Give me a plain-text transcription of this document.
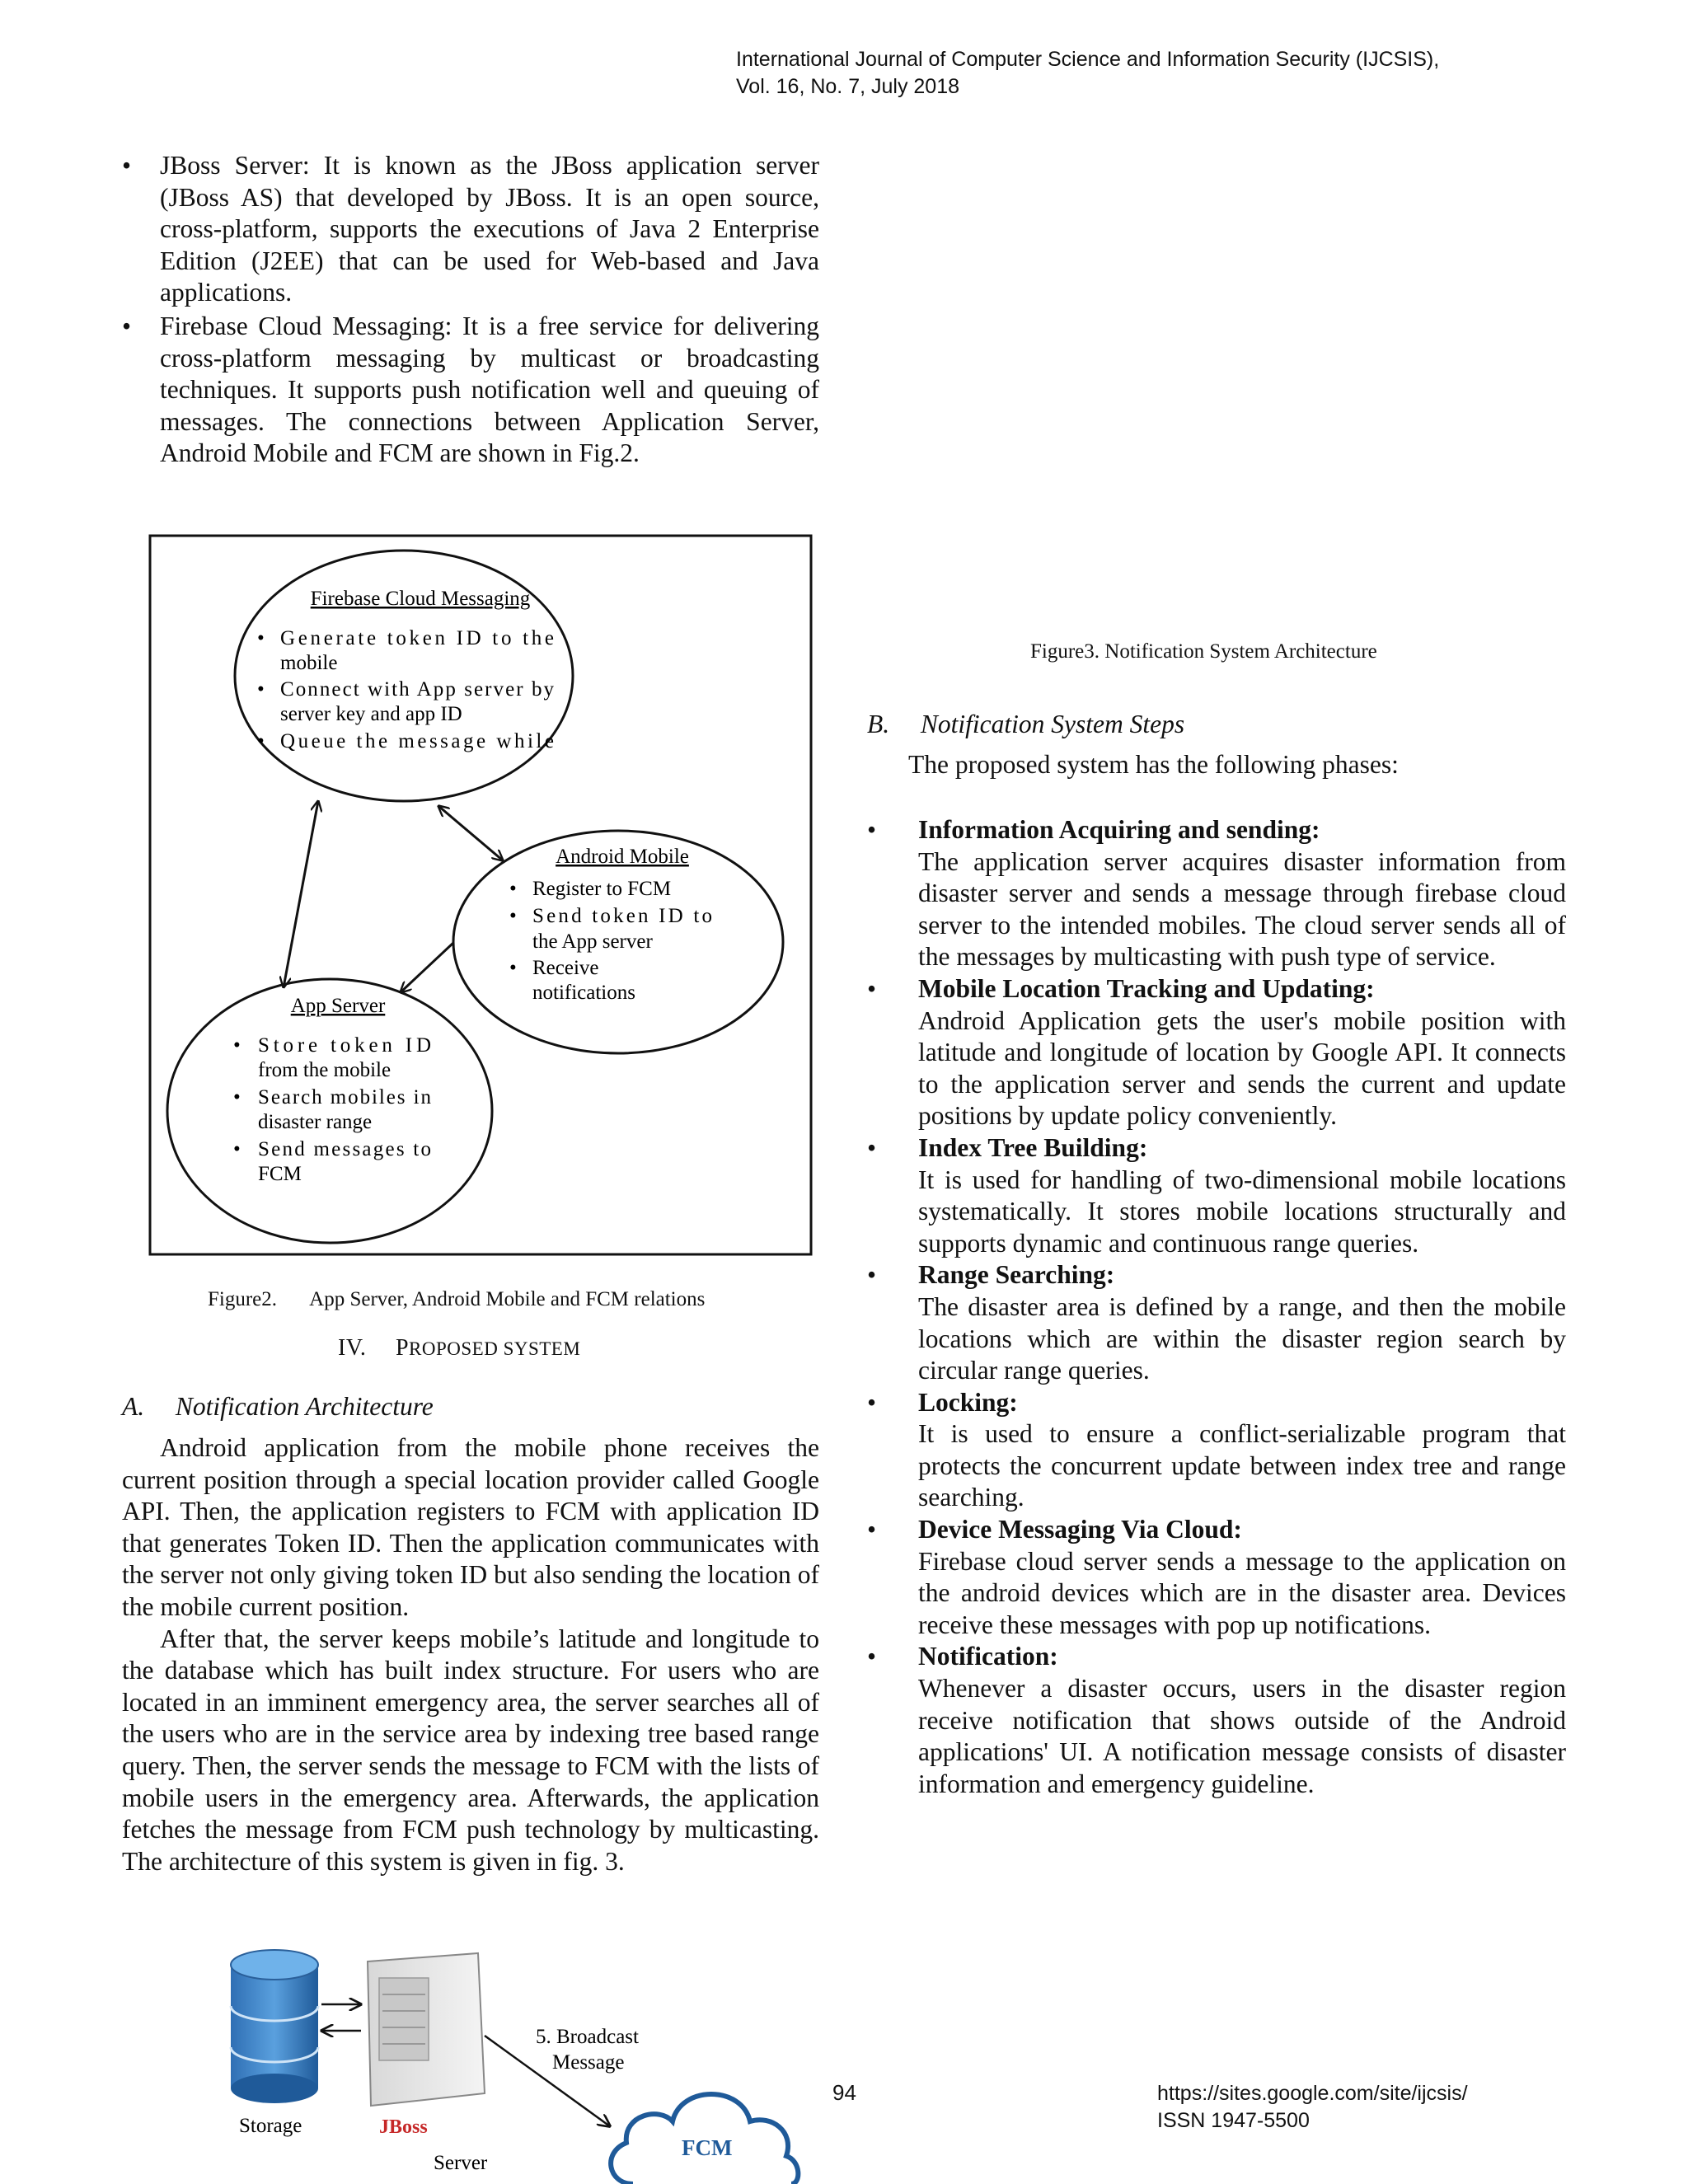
International Journal of Computer Science and Information Security (IJCSIS),
Vol. 16, No. 7, July 2018
• JBoss Server: It is known as the JBoss application server (JBoss AS) that developed by JBoss. It is an open source, cross-platform, supports the executions of Java 2 Enterprise Edition (J2EE) that can be used for Web-based and Java applications.
• Firebase Cloud Messaging: It is a free service for delivering cross-platform messaging by multicast or broadcasting techniques. It supports push notification well and queuing of messages. The connections between Application Server, Android Mobile and FCM are shown in Fig.2.
Firebase Cloud Messaging
• Generate token ID to the
mobile
• Connect with App server by
server key and app ID
• Queue the message while
Android Mobile
• Register to FCM
• Send token ID to
the App server
• Receive
notifications
App Server
• Store token ID
from the mobile
• Search mobiles in
disaster range
• Send messages to
FCM
Figure2. App Server, Android Mobile and FCM relations
IV. PROPOSED SYSTEM
A. Notification Architecture

Android application from the mobile phone receives the current position through a special location provider called Google API. Then, the application registers to FCM with application ID that generates Token ID. Then the application communicates with the server not only giving token ID but also sending the location of the mobile current position.

After that, the server keeps mobile’s latitude and longitude to the database which has built index structure. For users who are located in an imminent emergency area, the server searches all of the users who are in the service area by indexing tree based range query. Then, the server sends the message to FCM with the lists of mobile users in the emergency area. Afterwards, the application fetches the message from FCM push technology by multicasting. The architecture of this system is given in fig. 3.

Storage	JBoss
Server
5. Broadcast
Message
FCM
Figure3. Notification System Architecture
B. Notification System Steps
The proposed system has the following phases:
• Information Acquiring and sending:
The application server acquires disaster information from disaster server and sends a message through firebase cloud server to the intended mobiles. The cloud server sends all of the messages by multicasting with push type of service.
• Mobile Location Tracking and Updating:
Android Application gets the user's mobile position with latitude and longitude of location by Google API. It connects to the application server and sends the current and update positions by update policy conveniently.
• Index Tree Building:
It is used for handling of two-dimensional mobile locations systematically. It stores mobile locations structurally and supports dynamic and continuous range queries.
• Range Searching:
The disaster area is defined by a range, and then the mobile locations which are within the disaster region search by circular range queries.
• Locking:
It is used to ensure a conflict-serializable program that protects the concurrent update between index tree and range searching.
• Device Messaging Via Cloud:
Firebase cloud server sends a message to the application on the android devices which are in the disaster area. Devices receive these messages with pop up notifications.
• Notification:
Whenever a disaster occurs, users in the disaster region receive notification that shows outside of the Android applications' UI. A notification message consists of disaster information and emergency guideline.
94	https://sites.google.com/site/ijcsis/
ISSN 1947-5500
